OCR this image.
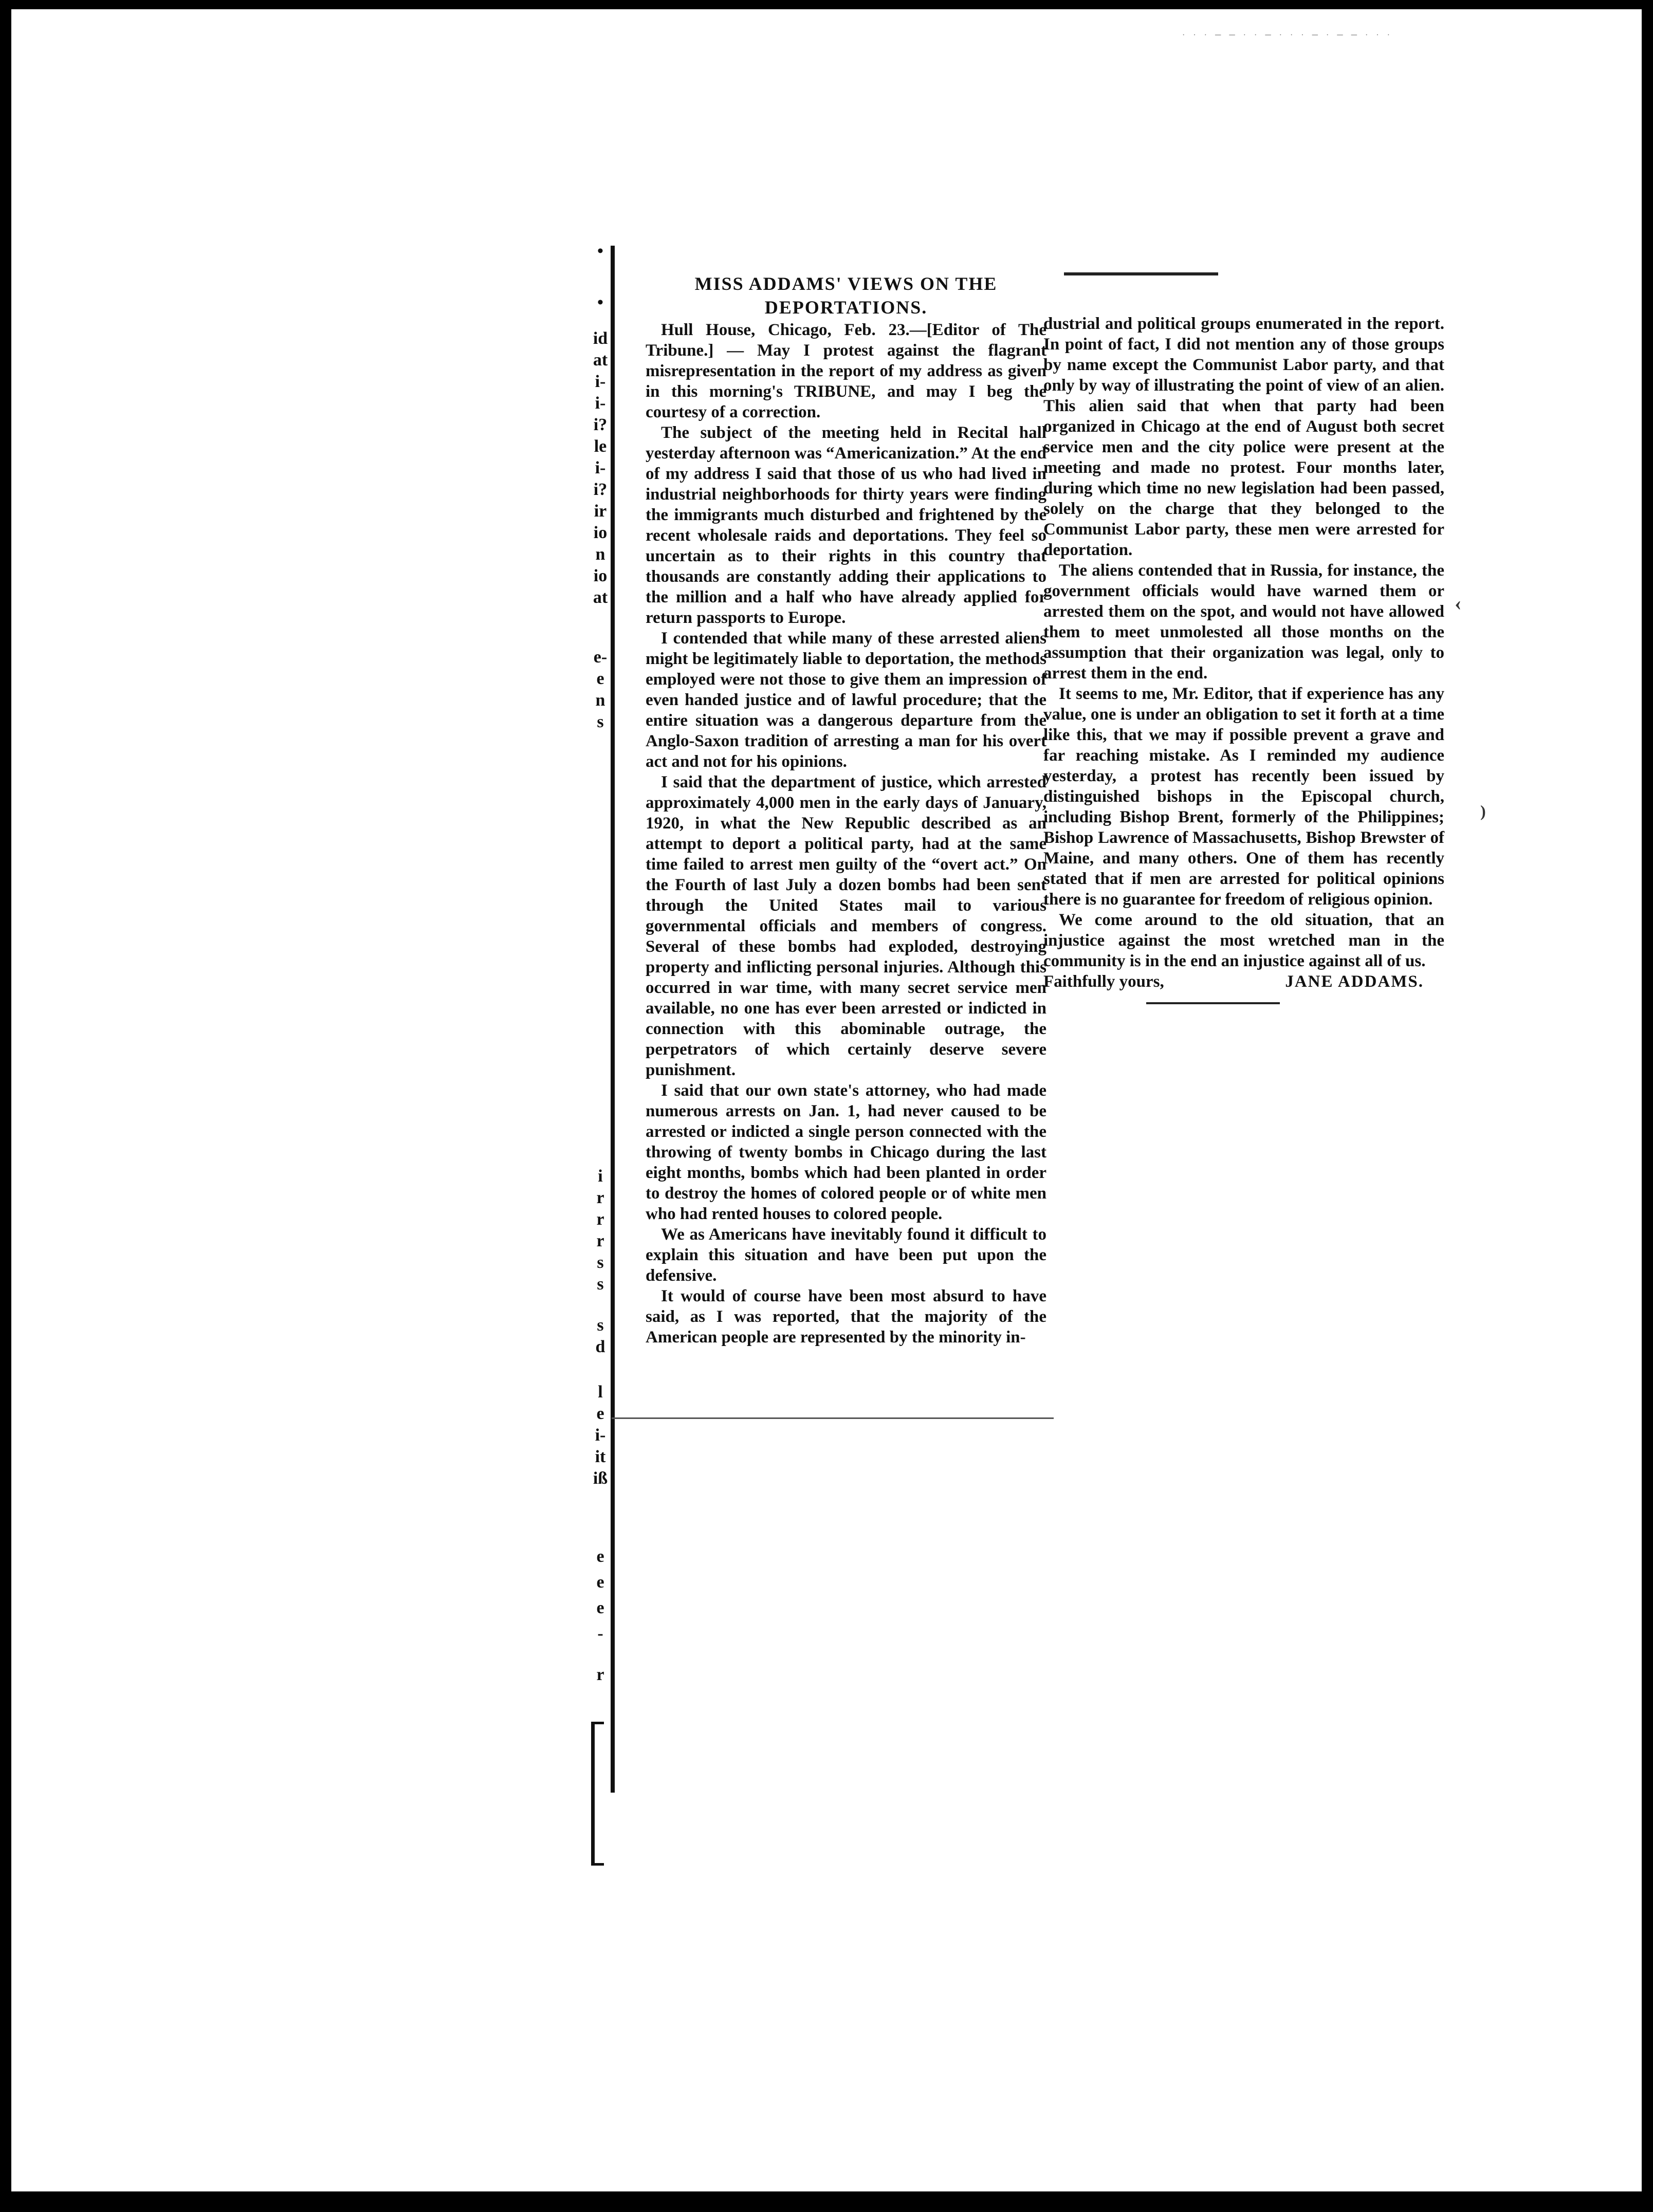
· · · ─ ─ · · ─ · · · ─ · ─ ─ · · ·
•
•
id
at
i-
i-
i?
le
i-
i?
ir
io
n
io
at
e-
e
n
s
i
r
r
r
s
s
s
d
l
e
i-
it
iß
e
e
e
-
r
MISS ADDAMS' VIEWS ON THE
DEPORTATIONS.

Hull House, Chicago, Feb. 23.—[Editor of The Tribune.] — May I protest against the flagrant misrepresentation in the report of my address as given in this morning's TRIBUNE, and may I beg the courtesy of a correction.

The subject of the meeting held in Recital hall yesterday afternoon was “Americanization.” At the end of my address I said that those of us who had lived in industrial neighborhoods for thirty years were finding the immigrants much disturbed and frightened by the recent wholesale raids and deportations. They feel so uncertain as to their rights in this country that thousands are constantly adding their applications to the million and a half who have already applied for return passports to Europe.

I contended that while many of these arrested aliens might be legitimately liable to deportation, the methods employed were not those to give them an impression of even handed justice and of lawful procedure; that the entire situation was a dangerous departure from the Anglo-Saxon tradition of arresting a man for his overt act and not for his opinions.

I said that the department of justice, which arrested approximately 4,000 men in the early days of January, 1920, in what the New Republic described as an attempt to deport a political party, had at the same time failed to arrest men guilty of the “overt act.” On the Fourth of last July a dozen bombs had been sent through the United States mail to various governmental officials and members of congress. Several of these bombs had exploded, destroying property and inflicting personal injuries. Although this occurred in war time, with many secret service men available, no one has ever been arrested or indicted in connection with this abominable outrage, the perpetrators of which certainly deserve severe punishment.

I said that our own state's attorney, who had made numerous arrests on Jan. 1, had never caused to be arrested or indicted a single person connected with the throwing of twenty bombs in Chicago during the last eight months, bombs which had been planted in order to destroy the homes of colored people or of white men who had rented houses to colored people.

We as Americans have inevitably found it difficult to explain this situation and have been put upon the defensive.

It would of course have been most absurd to have said, as I was reported, that the majority of the American people are represented by the minority in-

dustrial and political groups enumerated in the report. In point of fact, I did not mention any of those groups by name except the Communist Labor party, and that only by way of illustrating the point of view of an alien. This alien said that when that party had been organized in Chicago at the end of August both secret service men and the city police were present at the meeting and made no protest. Four months later, during which time no new legislation had been passed, solely on the charge that they belonged to the Communist Labor party, these men were arrested for deportation.

The aliens contended that in Russia, for instance, the government officials would have warned them or arrested them on the spot, and would not have allowed them to meet unmolested all those months on the assumption that their organization was legal, only to arrest them in the end.

It seems to me, Mr. Editor, that if experience has any value, one is under an obligation to set it forth at a time like this, that we may if possible prevent a grave and far reaching mistake. As I reminded my audience yesterday, a protest has recently been issued by distinguished bishops in the Episcopal church, including Bishop Brent, formerly of the Philippines; Bishop Lawrence of Massachusetts, Bishop Brewster of Maine, and many others. One of them has recently stated that if men are arrested for political opinions there is no guarantee for freedom of religious opinion.

We come around to the old situation, that an injustice against the most wretched man in the community is in the end an injustice against all of us.

Faithfully yours,	JANE ADDAMS.
‹
)
